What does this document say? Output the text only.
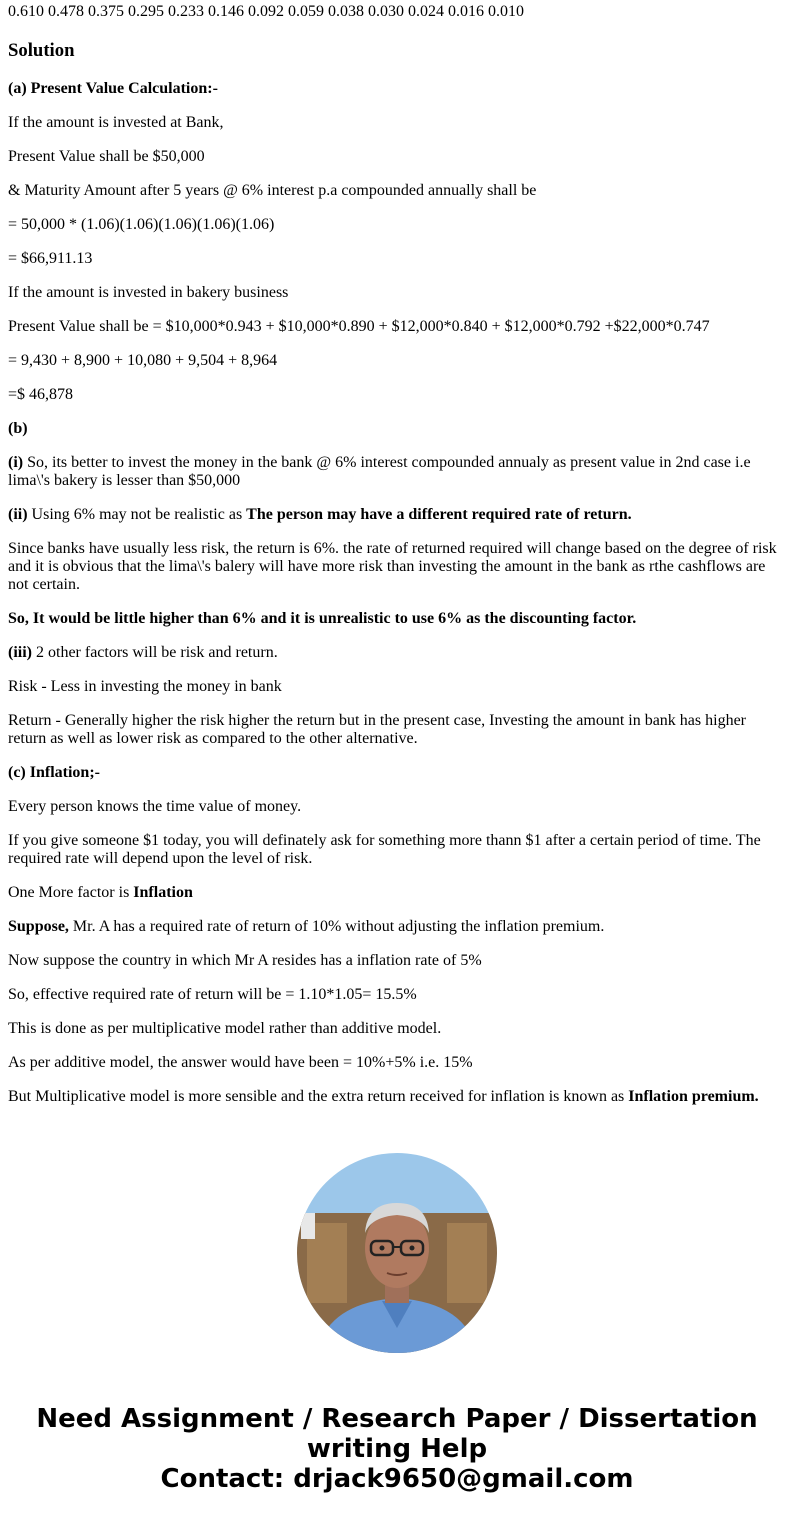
0.610 0.478 0.375 0.295 0.233 0.146 0.092 0.059 0.038 0.030 0.024 0.016 0.010
Solution

(a) Present Value Calculation:-

If the amount is invested at Bank,

Present Value shall be $50,000

& Maturity Amount after 5 years @ 6% interest p.a compounded annually shall be

= 50,000 * (1.06)(1.06)(1.06)(1.06)(1.06)

= $66,911.13

If the amount is invested in bakery business

Present Value shall be = $10,000*0.943 + $10,000*0.890 + $12,000*0.840 + $12,000*0.792 +$22,000*0.747

= 9,430 + 8,900 + 10,080 + 9,504 + 8,964

=$ 46,878

(b)

(i) So, its better to invest the money in the bank @ 6% interest compounded annualy as present value in 2nd case i.e lima\'s bakery is lesser than $50,000

(ii) Using 6% may not be realistic as The person may have a different required rate of return.

Since banks have usually less risk, the return is 6%. the rate of returned required will change based on the degree of risk and it is obvious that the lima\'s balery will have more risk than investing the amount in the bank as rthe cashflows are not certain.

So, It would be little higher than 6% and it is unrealistic to use 6% as the discounting factor.

(iii) 2 other factors will be risk and return.

Risk - Less in investing the money in bank

Return - Generally higher the risk higher the return but in the present case, Investing the amount in bank has higher return as well as lower risk as compared to the other alternative.

(c) Inflation;-

Every person knows the time value of money.

If you give someone $1 today, you will definately ask for something more thann $1 after a certain period of time. The required rate will depend upon the level of risk.

One More factor is Inflation

Suppose, Mr. A has a required rate of return of 10% without adjusting the inflation premium.

Now suppose the country in which Mr A resides has a inflation rate of 5%

So, effective required rate of return will be = 1.10*1.05= 15.5%

This is done as per multiplicative model rather than additive model.

As per additive model, the answer would have been = 10%+5% i.e. 15%

But Multiplicative model is more sensible and the extra return received for inflation is known as Inflation premium.

Need Assignment / Research Paper / Dissertation
writing Help
Contact: drjack9650@gmail.com
